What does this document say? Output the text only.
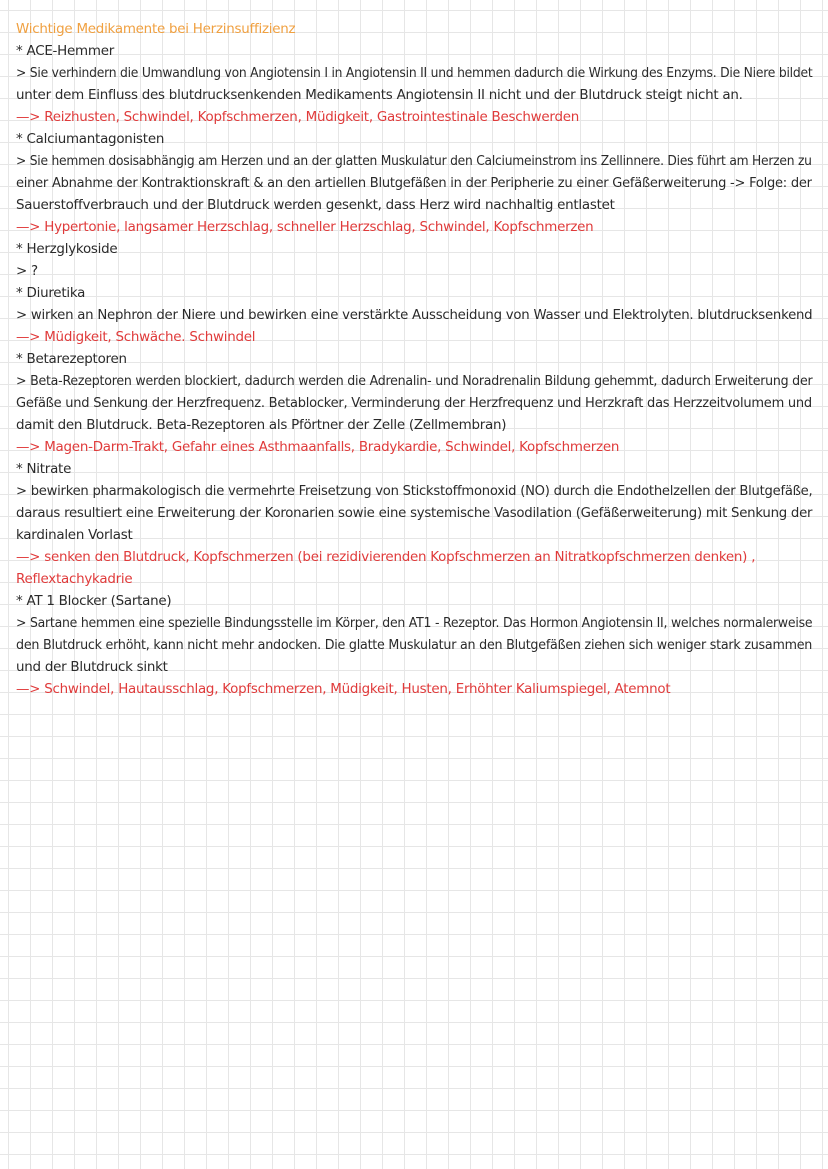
Wichtige Medikamente bei Herzinsuffizienz
* ACE-Hemmer
> Sie verhindern die Umwandlung von Angiotensin I in Angiotensin II und hemmen dadurch die Wirkung des Enzyms. Die Niere bildet
unter dem Einfluss des blutdrucksenkenden Medikaments Angiotensin II nicht und der Blutdruck steigt nicht an.
—> Reizhusten, Schwindel, Kopfschmerzen, Müdigkeit, Gastrointestinale Beschwerden
* Calciumantagonisten
> Sie hemmen dosisabhängig am Herzen und an der glatten Muskulatur den Calciumeinstrom ins Zellinnere. Dies führt am Herzen zu
einer Abnahme der Kontraktionskraft & an den artiellen Blutgefäßen in der Peripherie zu einer Gefäßerweiterung -> Folge: der
Sauerstoffverbrauch und der Blutdruck werden gesenkt, dass Herz wird nachhaltig entlastet
—> Hypertonie, langsamer Herzschlag, schneller Herzschlag, Schwindel, Kopfschmerzen
* Herzglykoside
> ?
* Diuretika
> wirken an Nephron der Niere und bewirken eine verstärkte Ausscheidung von Wasser und Elektrolyten. blutdrucksenkend
—> Müdigkeit, Schwäche. Schwindel
* Betarezeptoren
> Beta-Rezeptoren werden blockiert, dadurch werden die Adrenalin- und Noradrenalin Bildung gehemmt, dadurch Erweiterung der
Gefäße und Senkung der Herzfrequenz. Betablocker, Verminderung der Herzfrequenz und Herzkraft das Herzzeitvolumem und
damit den Blutdruck. Beta-Rezeptoren als Pförtner der Zelle (Zellmembran)
—> Magen-Darm-Trakt, Gefahr eines Asthmaanfalls, Bradykardie, Schwindel, Kopfschmerzen
* Nitrate
> bewirken pharmakologisch die vermehrte Freisetzung von Stickstoffmonoxid (NO) durch die Endothelzellen der Blutgefäße,
daraus resultiert eine Erweiterung der Koronarien sowie eine systemische Vasodilation (Gefäßerweiterung) mit Senkung der
kardinalen Vorlast
—> senken den Blutdruck, Kopfschmerzen (bei rezidivierenden Kopfschmerzen an Nitratkopfschmerzen denken) ,
Reflextachykadrie
* AT 1 Blocker (Sartane)
> Sartane hemmen eine spezielle Bindungsstelle im Körper, den AT1 - Rezeptor. Das Hormon Angiotensin II, welches normalerweise
den Blutdruck erhöht, kann nicht mehr andocken. Die glatte Muskulatur an den Blutgefäßen ziehen sich weniger stark zusammen
und der Blutdruck sinkt
—> Schwindel, Hautausschlag, Kopfschmerzen, Müdigkeit, Husten, Erhöhter Kaliumspiegel, Atemnot
